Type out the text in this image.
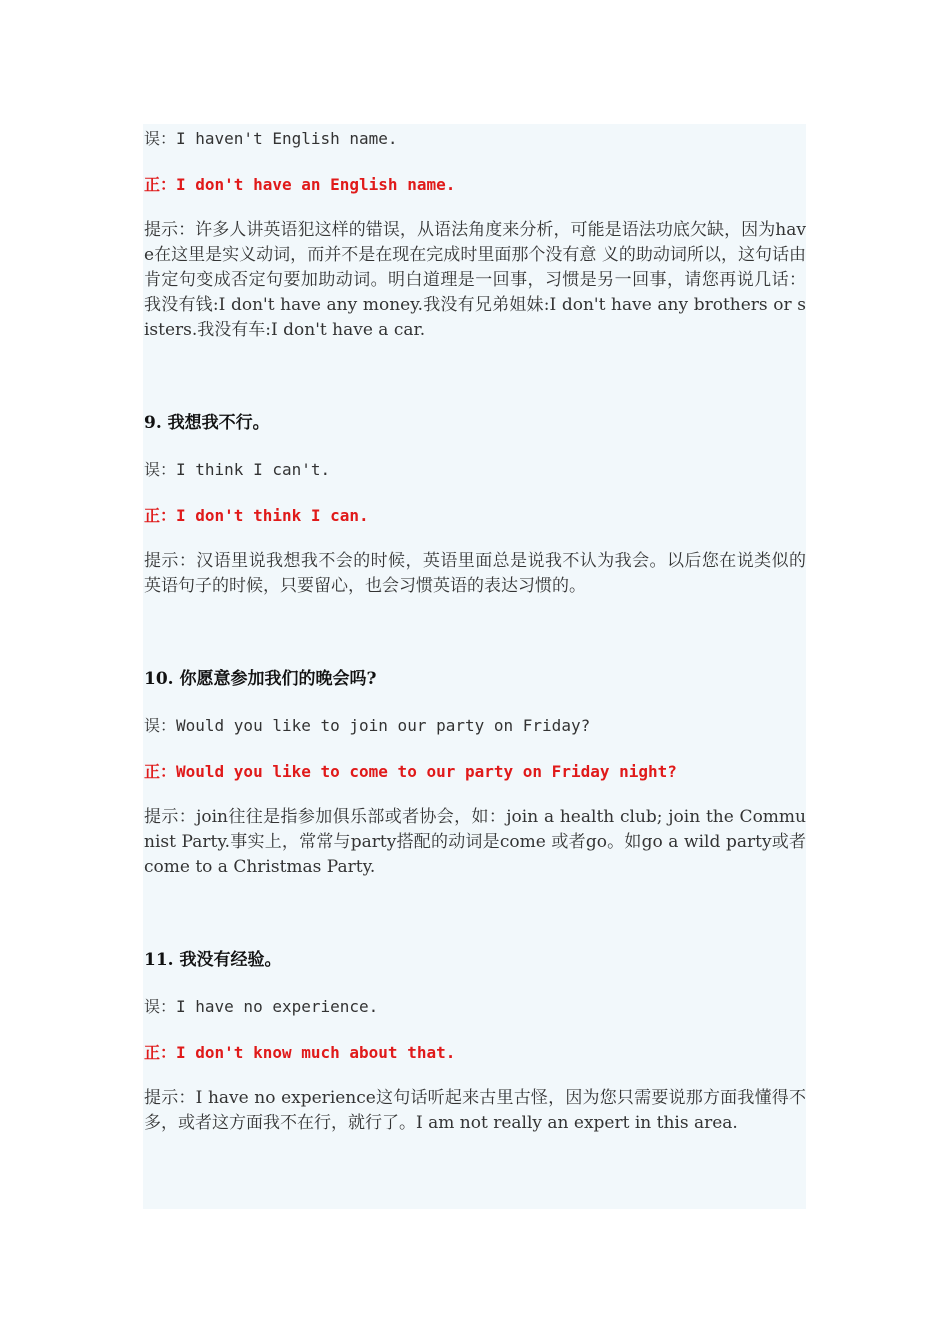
误：I haven't English name.

正：I don't have an English name.

提示：许多人讲英语犯这样的错误，从语法角度来分析，可能是语法功底欠缺，因为have在这里是实义动词，而并不是在现在完成时里面那个没有意 义的助动词所以，这句话由肯定句变成否定句要加助动词。明白道理是一回事，习惯是另一回事，请您再说几话：我没有钱:I don't have any money.我没有兄弟姐妹:I don't have any brothers or sisters.我没有车:I don't have a car.

9. 我想我不行。

误：I think I can't.

正：I don't think I can.

提示：汉语里说我想我不会的时候，英语里面总是说我不认为我会。以后您在说类似的英语句子的时候，只要留心，也会习惯英语的表达习惯的。

10. 你愿意参加我们的晚会吗?

误：Would you like to join our party on Friday?

正：Would you like to come to our party on Friday night?

提示：join往往是指参加俱乐部或者协会，如：join a health club; join the Communist Party.事实上，常常与party搭配的动词是come 或者go。如go a wild party或者come to a Christmas Party.

11. 我没有经验。

误：I have no experience.

正：I don't know much about that.

提示：I have no experience这句话听起来古里古怪，因为您只需要说那方面我懂得不多，或者这方面我不在行，就行了。I am not really an expert in this area.
